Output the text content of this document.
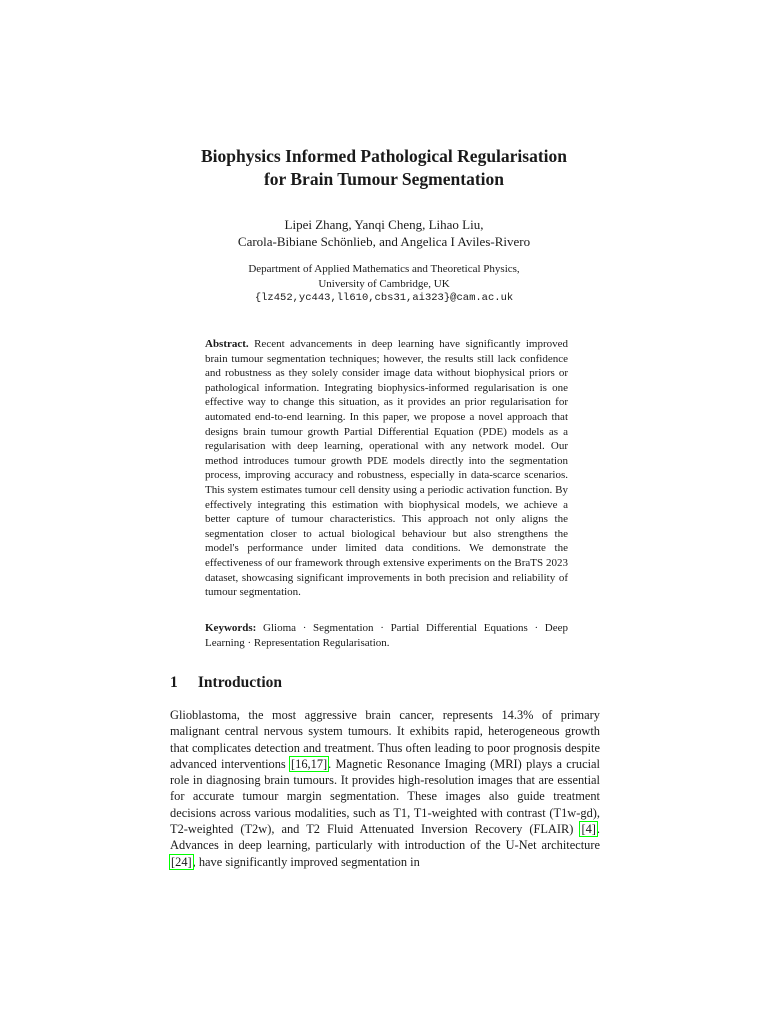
Biophysics Informed Pathological Regularisation
for Brain Tumour Segmentation
Lipei Zhang, Yanqi Cheng, Lihao Liu,
Carola-Bibiane Schönlieb, and Angelica I Aviles-Rivero
Department of Applied Mathematics and Theoretical Physics,
University of Cambridge, UK
{lz452,yc443,ll610,cbs31,ai323}@cam.ac.uk
Abstract. Recent advancements in deep learning have significantly improved brain tumour segmentation techniques; however, the results still lack confidence and robustness as they solely consider image data without biophysical priors or pathological information. Integrating biophysics-informed regularisation is one effective way to change this situation, as it provides an prior regularisation for automated end-to-end learning. In this paper, we propose a novel approach that designs brain tumour growth Partial Differential Equation (PDE) models as a regularisation with deep learning, operational with any network model. Our method introduces tumour growth PDE models directly into the segmentation process, improving accuracy and robustness, especially in data-scarce scenarios. This system estimates tumour cell density using a periodic activation function. By effectively integrating this estimation with biophysical models, we achieve a better capture of tumour characteristics. This approach not only aligns the segmentation closer to actual biological behaviour but also strengthens the model's performance under limited data conditions. We demonstrate the effectiveness of our framework through extensive experiments on the BraTS 2023 dataset, showcasing significant improvements in both precision and reliability of tumour segmentation.
Keywords: Glioma · Segmentation · Partial Differential Equations · Deep Learning · Representation Regularisation.
1 Introduction
Glioblastoma, the most aggressive brain cancer, represents 14.3% of primary malignant central nervous system tumours. It exhibits rapid, heterogeneous growth that complicates detection and treatment. Thus often leading to poor prognosis despite advanced interventions [16,17]. Magnetic Resonance Imaging (MRI) plays a crucial role in diagnosing brain tumours. It provides high-resolution images that are essential for accurate tumour margin segmentation. These images also guide treatment decisions across various modalities, such as T1, T1-weighted with contrast (T1w-gd), T2-weighted (T2w), and T2 Fluid Attenuated Inversion Recovery (FLAIR) [4]. Advances in deep learning, particularly with introduction of the U-Net architecture [24], have significantly improved segmentation in
